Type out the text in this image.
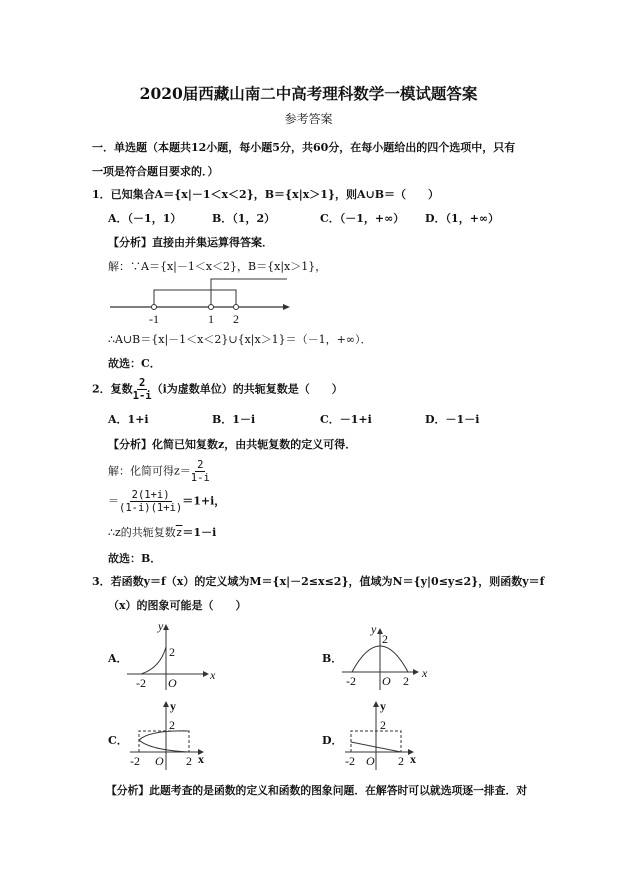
2020届西藏山南二中高考理科数学一模试题答案
参考答案
一．单选题（本题共12小题，每小题5分，共60分，在每小题给出的四个选项中，只有
一项是符合题目要求的．）
1．已知集合A＝{x|－1＜x＜2}，B＝{x|x＞1}，则A∪B＝（　　）
A．（－1，1）	B．（1，2）	C．（－1，+∞） D．（1，+∞）
【分析】直接由并集运算得答案．
解：∵A＝{x|－1＜x＜2}，B＝{x|x＞1}，
-1	1 2
∴A∪B＝{x|－1＜x＜2}∪{x|x＞1}＝（－1，+∞）．
故选：C．
2．复数 $\frac{2}{1-i} (i$为虚数单位）的共轭复数是（　　）
A．1+i	B．1－i	C．－1+i	D．－1－i
【分析】化简已知复数z，由共轭复数的定义可得．
解：化简可得$z= \frac{2}{1-i}$
＝ $\frac{2(1+i)}{(1-i)(1+i)} =1+i$，
∴z的共轭复数$\overline{z}=1-i$
故选：B．
3．若函数y＝f（x）的定义域为M＝{x|－2≤x≤2}，值域为N＝{y|0≤y≤2}，则函数y＝f
（x）的图象可能是（　　）
A．	B．
C．	D．
y
2
-2 O
x
y
2
-2 O 2
x
y
2
-2 O 2 x
y
2
-2 O 2 x
【分析】此题考查的是函数的定义和函数的图象问题．在解答时可以就选项逐一排查．对
